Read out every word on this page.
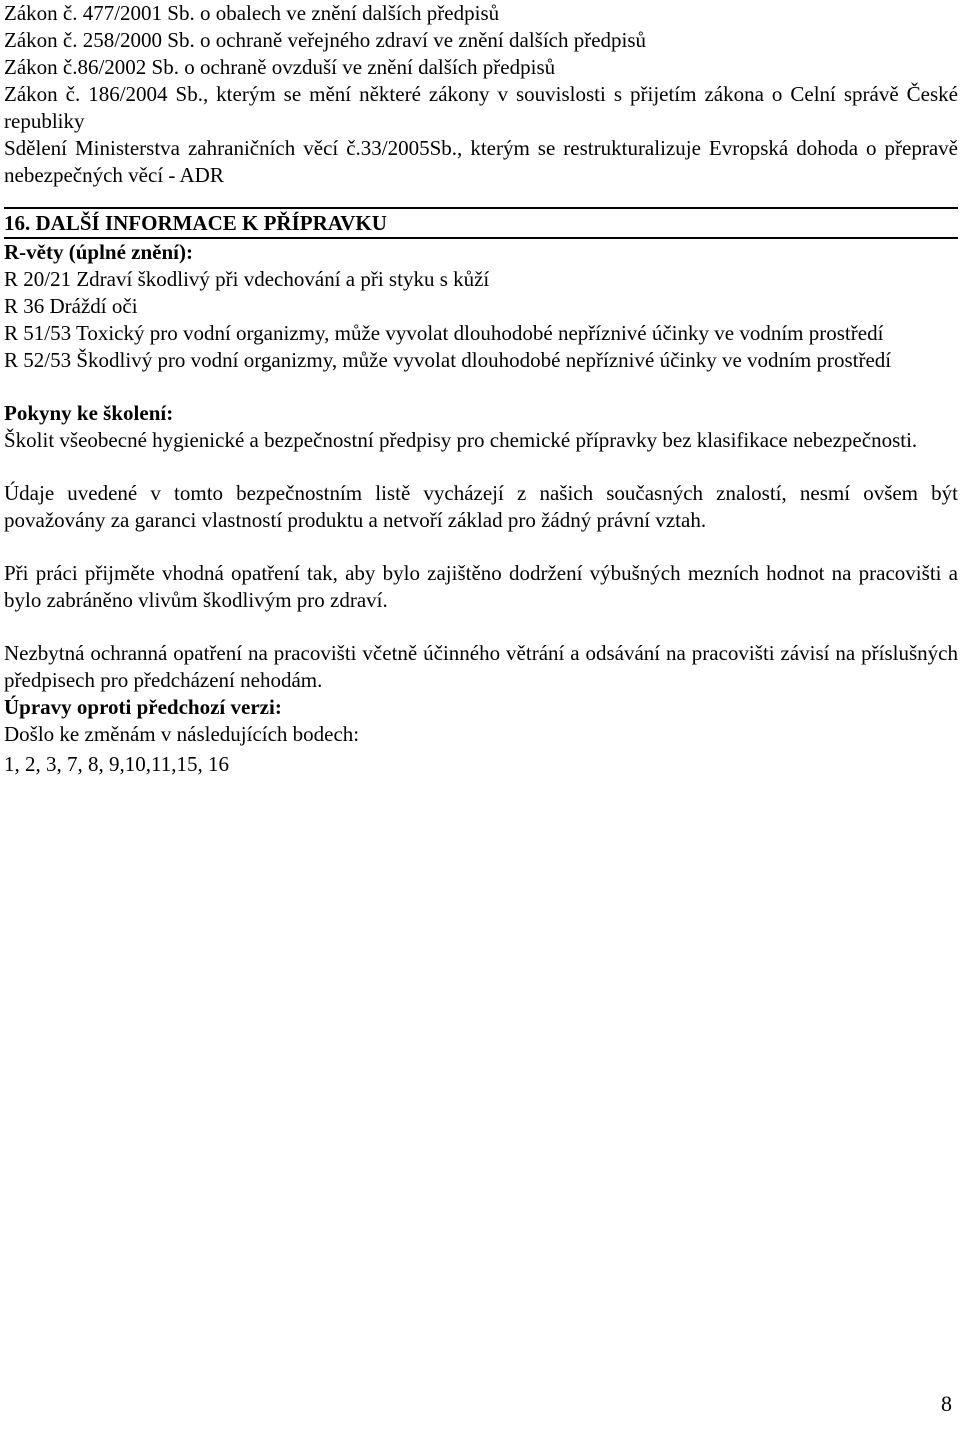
Zákon č. 477/2001 Sb. o obalech ve znění dalších předpisů
Zákon č. 258/2000 Sb. o ochraně veřejného zdraví ve znění dalších předpisů
Zákon č.86/2002 Sb. o ochraně ovzduší ve znění dalších předpisů
Zákon č. 186/2004 Sb., kterým se mění některé zákony v souvislosti s přijetím zákona o Celní správě České republiky
Sdělení Ministerstva zahraničních věcí č.33/2005Sb., kterým se restrukturalizuje Evropská dohoda o přepravě nebezpečných věcí - ADR
16. DALŠÍ INFORMACE K PŘÍPRAVKU
R-věty (úplné znění):
R 20/21 Zdraví škodlivý při vdechování a při styku s kůží
R 36 Dráždí oči
R 51/53 Toxický pro vodní organizmy, může vyvolat dlouhodobé nepříznivé účinky ve vodním prostředí
R 52/53 Škodlivý pro vodní organizmy, může vyvolat dlouhodobé nepříznivé účinky ve vodním prostředí
Pokyny ke školení:
Školit všeobecné hygienické a bezpečnostní předpisy pro chemické přípravky bez klasifikace nebezpečnosti.
Údaje uvedené v tomto bezpečnostním listě vycházejí z našich současných znalostí, nesmí ovšem být považovány za garanci vlastností produktu a netvoří základ pro žádný právní vztah.
Při práci přijměte vhodná opatření tak, aby bylo zajištěno dodržení výbušných mezních hodnot na pracovišti a bylo zabráněno vlivům škodlivým pro zdraví.
Nezbytná ochranná opatření na pracovišti včetně účinného větrání a odsávání na pracovišti závisí na příslušných předpisech pro předcházení nehodám.
Úpravy oproti předchozí verzi:
Došlo ke změnám v následujících bodech:
1, 2, 3, 7, 8, 9,10,11,15, 16
8
